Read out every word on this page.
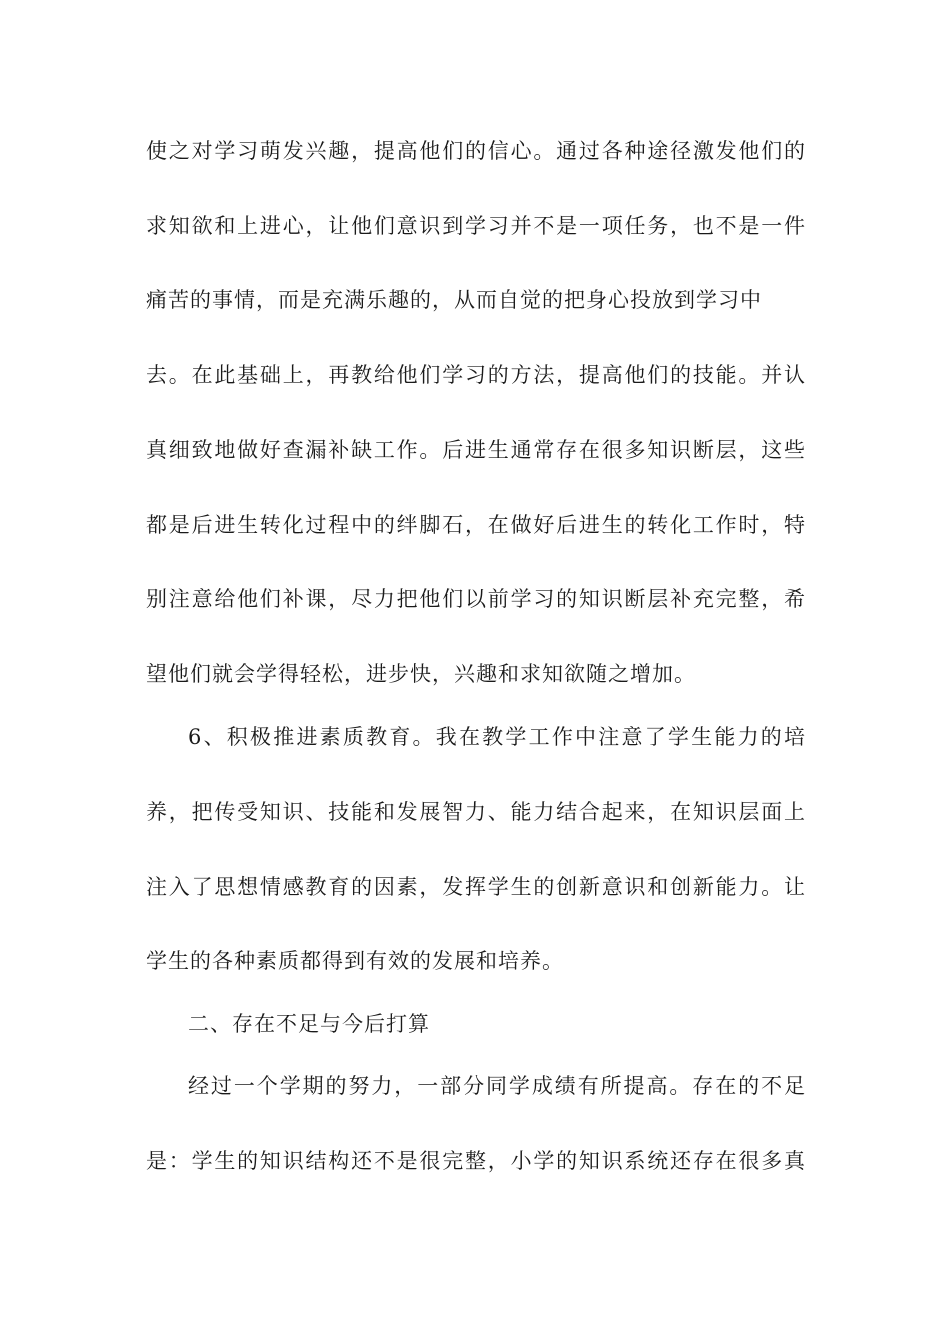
使之对学习萌发兴趣，提高他们的信心。通过各种途径激发他们的
求知欲和上进心，让他们意识到学习并不是一项任务，也不是一件
痛苦的事情，而是充满乐趣的，从而自觉的把身心投放到学习中
去。在此基础上，再教给他们学习的方法，提高他们的技能。并认
真细致地做好查漏补缺工作。后进生通常存在很多知识断层，这些
都是后进生转化过程中的绊脚石，在做好后进生的转化工作时，特
别注意给他们补课，尽力把他们以前学习的知识断层补充完整，希
望他们就会学得轻松，进步快，兴趣和求知欲随之增加。
6、积极推进素质教育。我在教学工作中注意了学生能力的培
养，把传受知识、技能和发展智力、能力结合起来，在知识层面上
注入了思想情感教育的因素，发挥学生的创新意识和创新能力。让
学生的各种素质都得到有效的发展和培养。
二、存在不足与今后打算
经过一个学期的努力，一部分同学成绩有所提高。存在的不足
是：学生的知识结构还不是很完整，小学的知识系统还存在很多真
